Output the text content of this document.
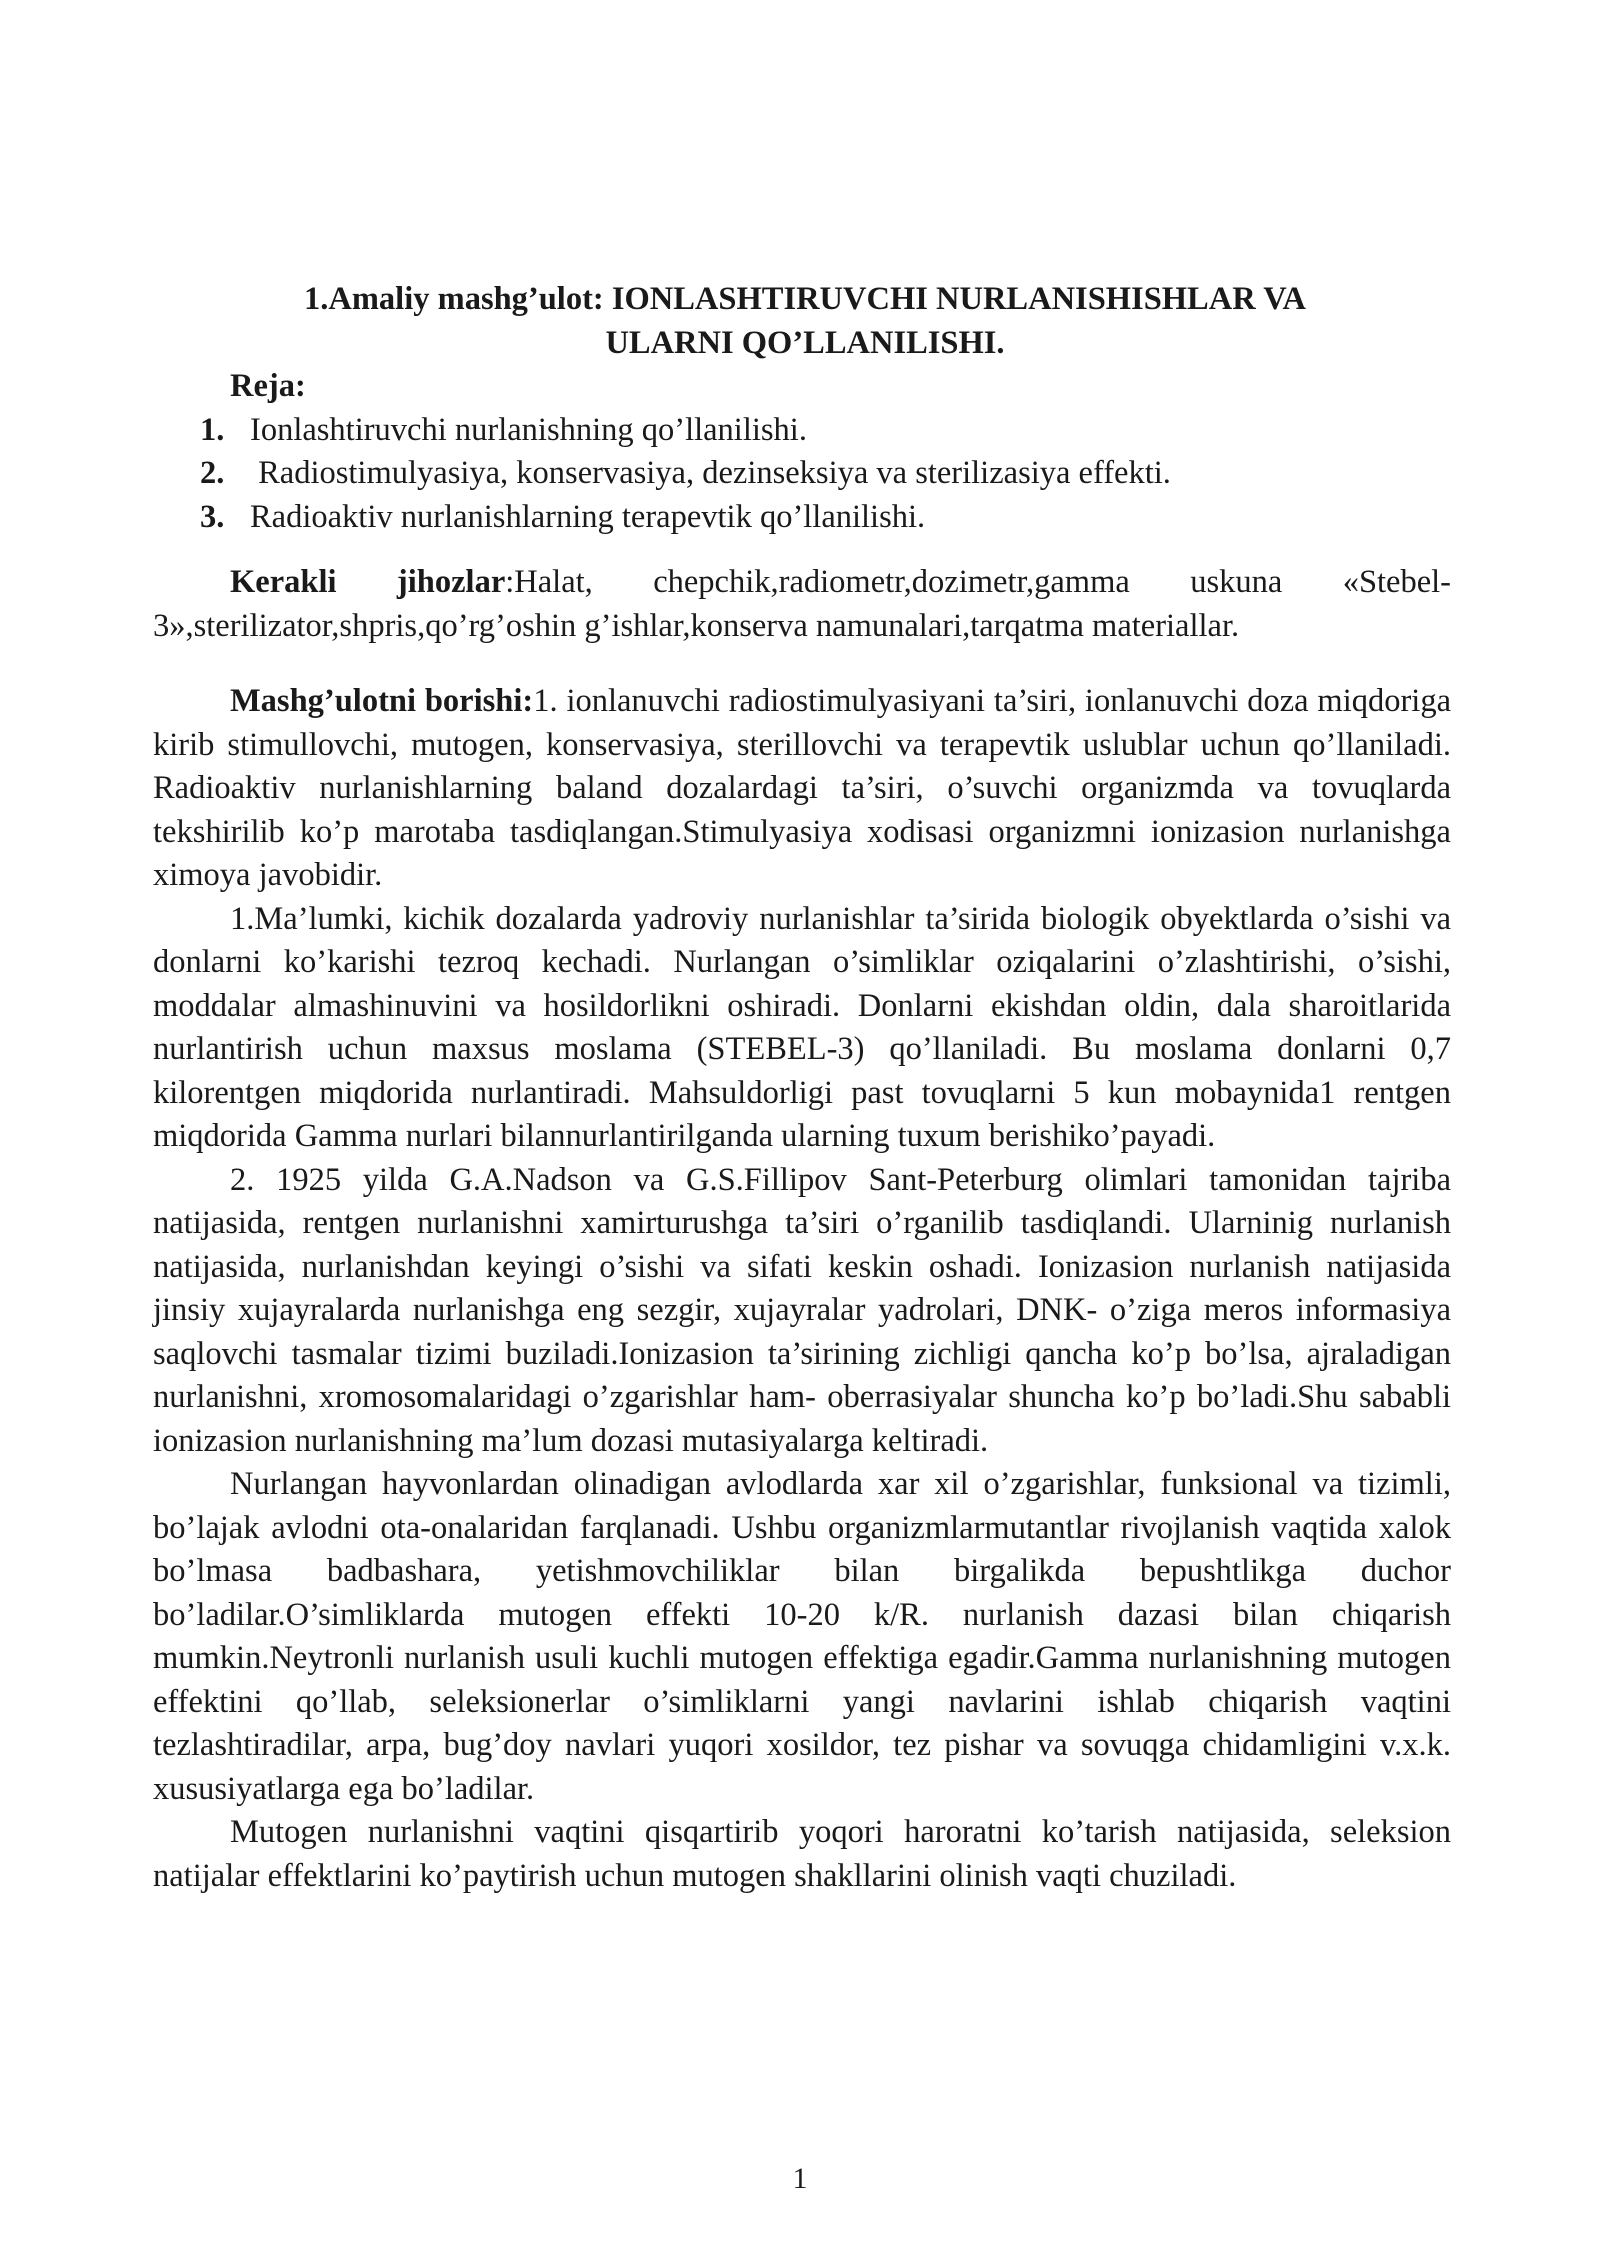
1.Amaliy mashg’ulot: IONLASHTIRUVCHI NURLANISHISHLAR VA
ULARNI QO’LLANILISHI.
Reja:
1. Ionlashtiruvchi nurlanishning qo’llanilishi.
2. Radiostimulyasiya, konservasiya, dezinseksiya va sterilizasiya effekti.
3. Radioaktiv nurlanishlarning terapevtik qo’llanilishi.

Kerakli jihozlar:Halat, chepchik,radiometr,dozimetr,gamma uskuna «Stebel-3»,sterilizator,shpris,qo’rg’oshin g’ishlar,konserva namunalari,tarqatma materiallar.

Mashg’ulotni borishi:1. ionlanuvchi radiostimulyasiyani ta’siri, ionlanuvchi doza miqdoriga kirib stimullovchi, mutogen, konservasiya, sterillovchi va terapevtik uslublar uchun qo’llaniladi. Radioaktiv nurlanishlarning baland dozalardagi ta’siri, o’suvchi organizmda va tovuqlarda tekshirilib ko’p marotaba tasdiqlangan.Stimulyasiya xodisasi organizmni ionizasion nurlanishga ximoya javobidir.

1.Ma’lumki, kichik dozalarda yadroviy nurlanishlar ta’sirida biologik obyektlarda o’sishi va donlarni ko’karishi tezroq kechadi. Nurlangan o’simliklar oziqalarini o’zlashtirishi, o’sishi, moddalar almashinuvini va hosildorlikni oshiradi. Donlarni ekishdan oldin, dala sharoitlarida nurlantirish uchun maxsus moslama (STEBEL-3) qo’llaniladi. Bu moslama donlarni 0,7 kilorentgen miqdorida nurlantiradi. Mahsuldorligi past tovuqlarni 5 kun mobaynida1 rentgen miqdorida Gamma nurlari bilannurlantirilganda ularning tuxum berishiko’payadi.

2. 1925 yilda G.A.Nadson va G.S.Fillipov Sant-Peterburg olimlari tamonidan tajriba natijasida, rentgen nurlanishni xamirturushga ta’siri o’rganilib tasdiqlandi. Ularninig nurlanish natijasida, nurlanishdan keyingi o’sishi va sifati keskin oshadi. Ionizasion nurlanish natijasida jinsiy xujayralarda nurlanishga eng sezgir, xujayralar yadrolari, DNK- o’ziga meros informasiya saqlovchi tasmalar tizimi buziladi.Ionizasion ta’sirining zichligi qancha ko’p bo’lsa, ajraladigan nurlanishni, xromosomalaridagi o’zgarishlar ham- oberrasiyalar shuncha ko’p bo’ladi.Shu sababli ionizasion nurlanishning ma’lum dozasi mutasiyalarga keltiradi.

Nurlangan hayvonlardan olinadigan avlodlarda xar xil o’zgarishlar, funksional va tizimli, bo’lajak avlodni ota-onalaridan farqlanadi. Ushbu organizmlarmutantlar rivojlanish vaqtida xalok bo’lmasa badbashara, yetishmovchiliklar bilan birgalikda bepushtlikga duchor bo’ladilar.O’simliklarda mutogen effekti 10-20 k/R. nurlanish dazasi bilan chiqarish mumkin.Neytronli nurlanish usuli kuchli mutogen effektiga egadir.Gamma nurlanishning mutogen effektini qo’llab, seleksionerlar o’simliklarni yangi navlarini ishlab chiqarish vaqtini tezlashtiradilar, arpa, bug’doy navlari yuqori xosildor, tez pishar va sovuqga chidamligini v.x.k. xususiyatlarga ega bo’ladilar.

Mutogen nurlanishni vaqtini qisqartirib yoqori haroratni ko’tarish natijasida, seleksion natijalar effektlarini ko’paytirish uchun mutogen shakllarini olinish vaqti chuziladi.

1
